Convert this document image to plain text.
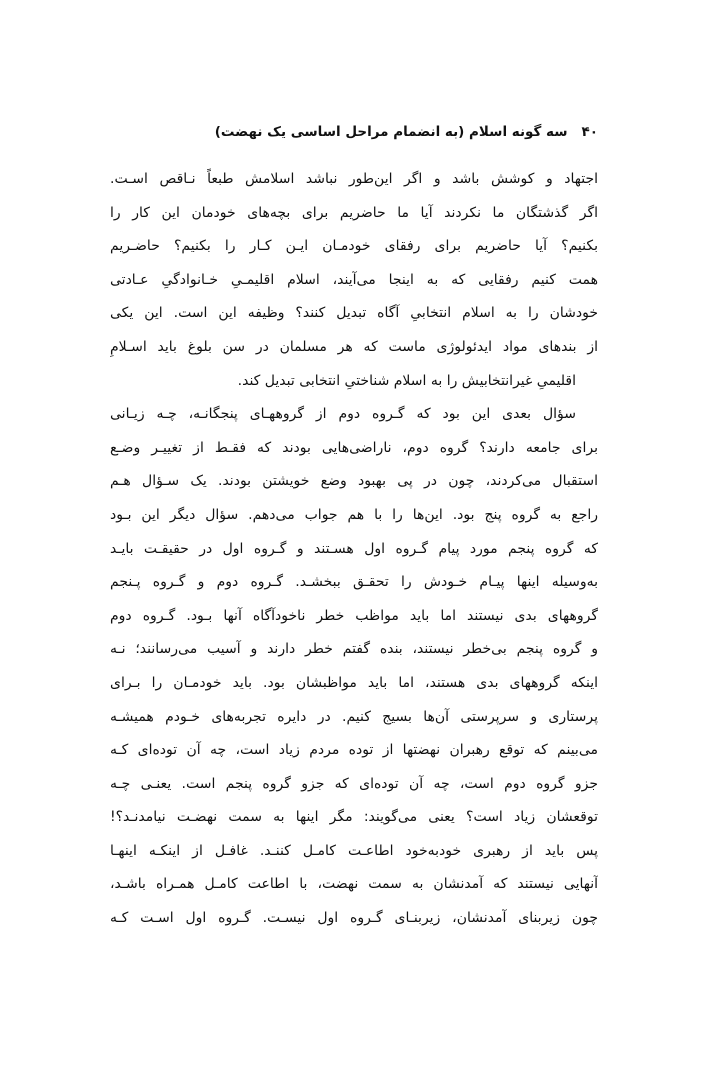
۴۰سه گونه اسلام (به انضمام مراحل اساسی یک نهضت)
اجتهاد و کوشش باشد و اگر این‌طور نباشد اسلامش طبعاً نـاقص اسـت.
اگر گذشتگان ما نکردند آیا ما حاضریم برای بچه‌های خودمان این کار را
بکنیم؟ آیا حاضریم برای رفقای خودمـان ایـن کـار را بکنیم؟ حاضـریم
همت کنیم رفقایی که به اینجا می‌آیند، اسلام اقلیمـیِ خـانوادگیِ عـادتی
خودشان را به اسلام انتخابیِ آگاه تبدیل کنند؟ وظیفه این است. این یکی
از بندهای مواد ایدئولوژی ماست که هر مسلمان در سن بلوغ باید اسـلامِ
اقلیمیِ غیرانتخابیش را به اسلام شناختیِ انتخابی تبدیل کند.
سؤال بعدی این بود که گـروه دوم از گروههـای پنجگانـه، چـه زیـانی
برای جامعه دارند؟ گروه دوم، ناراضی‌هایی بودند که فقـط از تغییـر وضـع
استقبال می‌کردند، چون در پی بهبود وضع خویشتن بودند. یک سـؤال هـم
راجع به گروه پنج بود. این‌ها را با هم جواب می‌دهم. سؤال دیگر این بـود
که گروه پنجم مورد پیام گـروه اول هسـتند و گـروه اول در حقیقـت بایـد
به‌وسیله اینها پیـام خـودش را تحقـق ببخشـد. گـروه دوم و گـروه پـنجم
گروههای بدی نیستند اما باید مواظب خطر ناخودآگاه آنها بـود. گـروه دوم
و گروه پنجم بی‌خطر نیستند، بنده گفتم خطر دارند و آسیب می‌رسانند؛ نـه
اینکه گروههای بدی هستند، اما باید مواظبشان بود. باید خودمـان را بـرای
پرستاری و سرپرستی آن‌ها بسیج کنیم. در دایره تجربه‌های خـودم همیشـه
می‌بینم که توقع رهبران نهضتها از توده مردم زیاد است، چه آن توده‌ای کـه
جزو گروه دوم است، چه آن توده‌ای که جزو گروه پنجم است. یعنـی چـه
توقعشان زیاد است؟ یعنی می‌گویند: مگر اینها به سمت نهضـت نیامدنـد؟!
پس باید از رهبری خودبه‌خود اطاعـت کامـل کننـد. غافـل از اینکـه اینهـا
آنهایی نیستند که آمدنشان به سمت نهضت، با اطاعت کامـل همـراه باشـد،
چون زیربنای آمدنشان، زیربنـای گـروه اول نیسـت. گـروه اول اسـت کـه
